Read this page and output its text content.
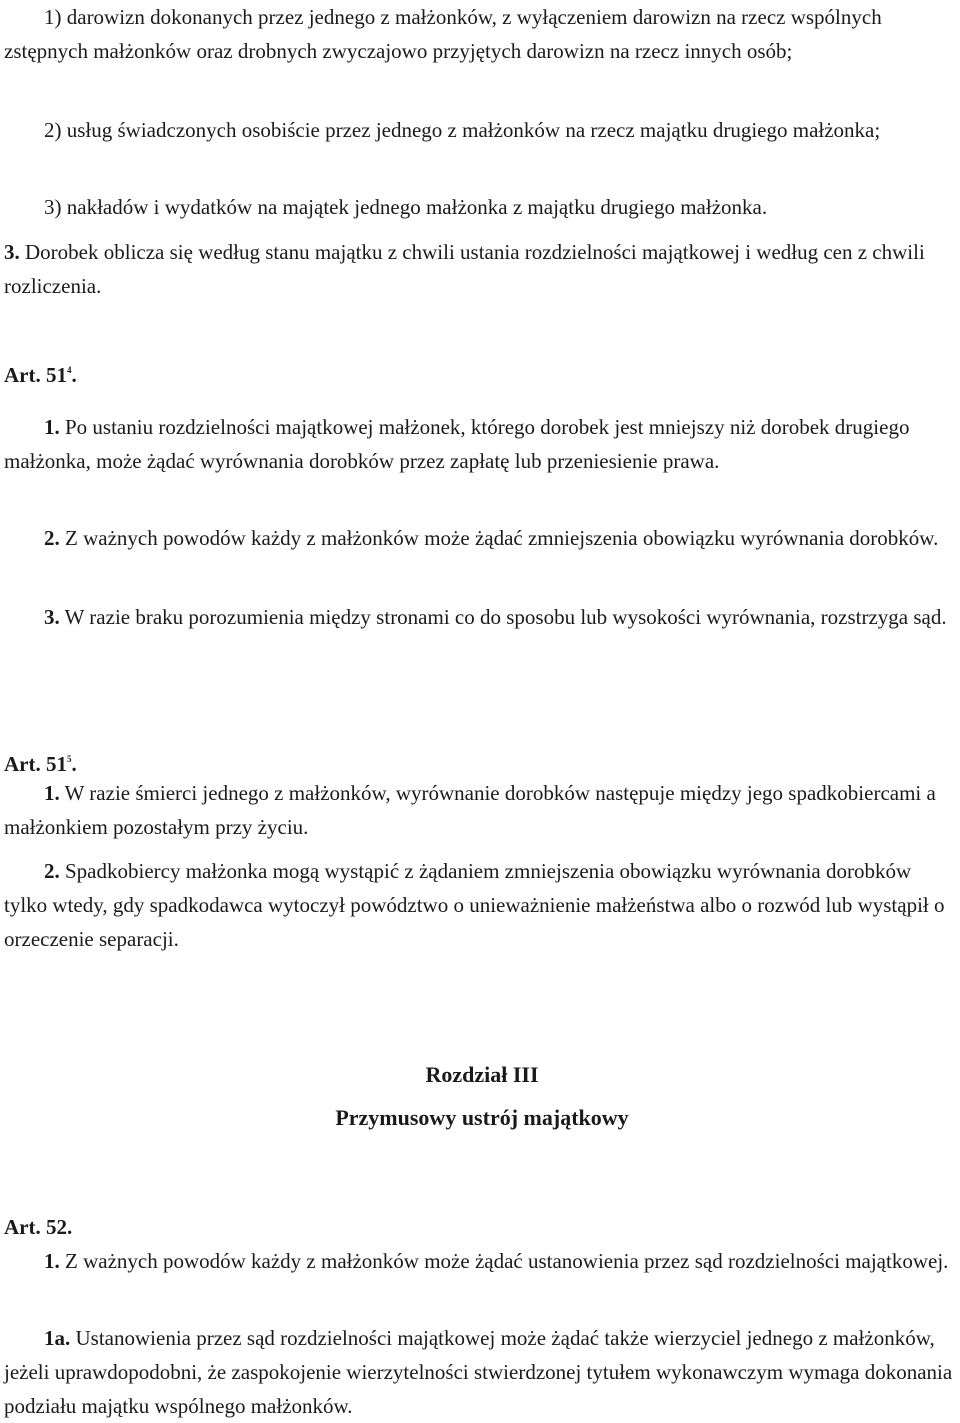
1) darowizn dokonanych przez jednego z małżonków, z wyłączeniem darowizn na rzecz wspólnych zstępnych małżonków oraz drobnych zwyczajowo przyjętych darowizn na rzecz innych osób;

2) usług świadczonych osobiście przez jednego z małżonków na rzecz majątku drugiego małżonka;

3) nakładów i wydatków na majątek jednego małżonka z majątku drugiego małżonka.

3. Dorobek oblicza się według stanu majątku z chwili ustania rozdzielności majątkowej i według cen z chwili rozliczenia.

Art. $51^4$.

1. Po ustaniu rozdzielności majątkowej małżonek, którego dorobek jest mniejszy niż dorobek drugiego małżonka, może żądać wyrównania dorobków przez zapłatę lub przeniesienie prawa.

2. Z ważnych powodów każdy z małżonków może żądać zmniejszenia obowiązku wyrównania dorobków.

3. W razie braku porozumienia między stronami co do sposobu lub wysokości wyrównania, rozstrzyga sąd.

Art. $51^5$.

1. W razie śmierci jednego z małżonków, wyrównanie dorobków następuje między jego spadkobiercami a małżonkiem pozostałym przy życiu.

2. Spadkobiercy małżonka mogą wystąpić z żądaniem zmniejszenia obowiązku wyrównania dorobków tylko wtedy, gdy spadkodawca wytoczył powództwo o unieważnienie małżeństwa albo o rozwód lub wystąpił o orzeczenie separacji.

Rozdział III

Przymusowy ustrój majątkowy

Art. 52.

1. Z ważnych powodów każdy z małżonków może żądać ustanowienia przez sąd rozdzielności majątkowej.

1a. Ustanowienia przez sąd rozdzielności majątkowej może żądać także wierzyciel jednego z małżonków, jeżeli uprawdopodobni, że zaspokojenie wierzytelności stwierdzonej tytułem wykonawczym wymaga dokonania podziału majątku wspólnego małżonków.
